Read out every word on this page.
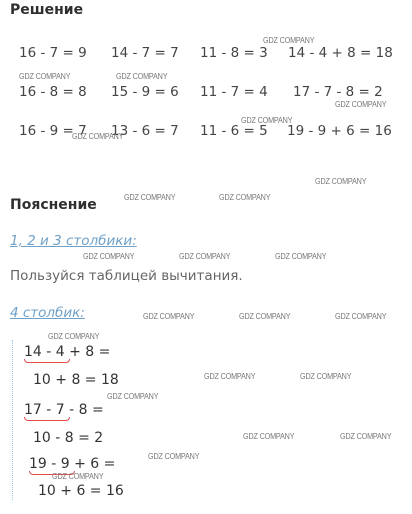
Решение
16 - 7 = 9 14 - 7 = 7 11 - 8 = 3 14 - 4 + 8 = 18
16 - 8 = 8 15 - 9 = 6 11 - 7 = 4 17 - 7 - 8 = 2
16 - 9 = 7 13 - 6 = 7 11 - 6 = 5 19 - 9 + 6 = 16
Пояснение
1, 2 и 3 столбики:
Пользуйся таблицей вычитания.
4 столбик:
14 - 4 + 8 =
10 + 8 = 18
17 - 7 - 8 =
10 - 8 = 2
19 - 9 + 6 =
10 + 6 = 16
GDZ COMPANY
GDZ COMPANY	GDZ COMPANY
GDZ COMPANY
GDZ COMPANY
GDZ COMPANY
GDZ COMPANY
GDZ COMPANY	GDZ COMPANY
GDZ COMPANY	GDZ COMPANY	GDZ COMPANY
GDZ COMPANY	GDZ COMPANY	GDZ COMPANY
GDZ COMPANY
GDZ COMPANY	GDZ COMPANY
GDZ COMPANY
GDZ COMPANY	GDZ COMPANY
GDZ COMPANY
GDZ COMPANY
